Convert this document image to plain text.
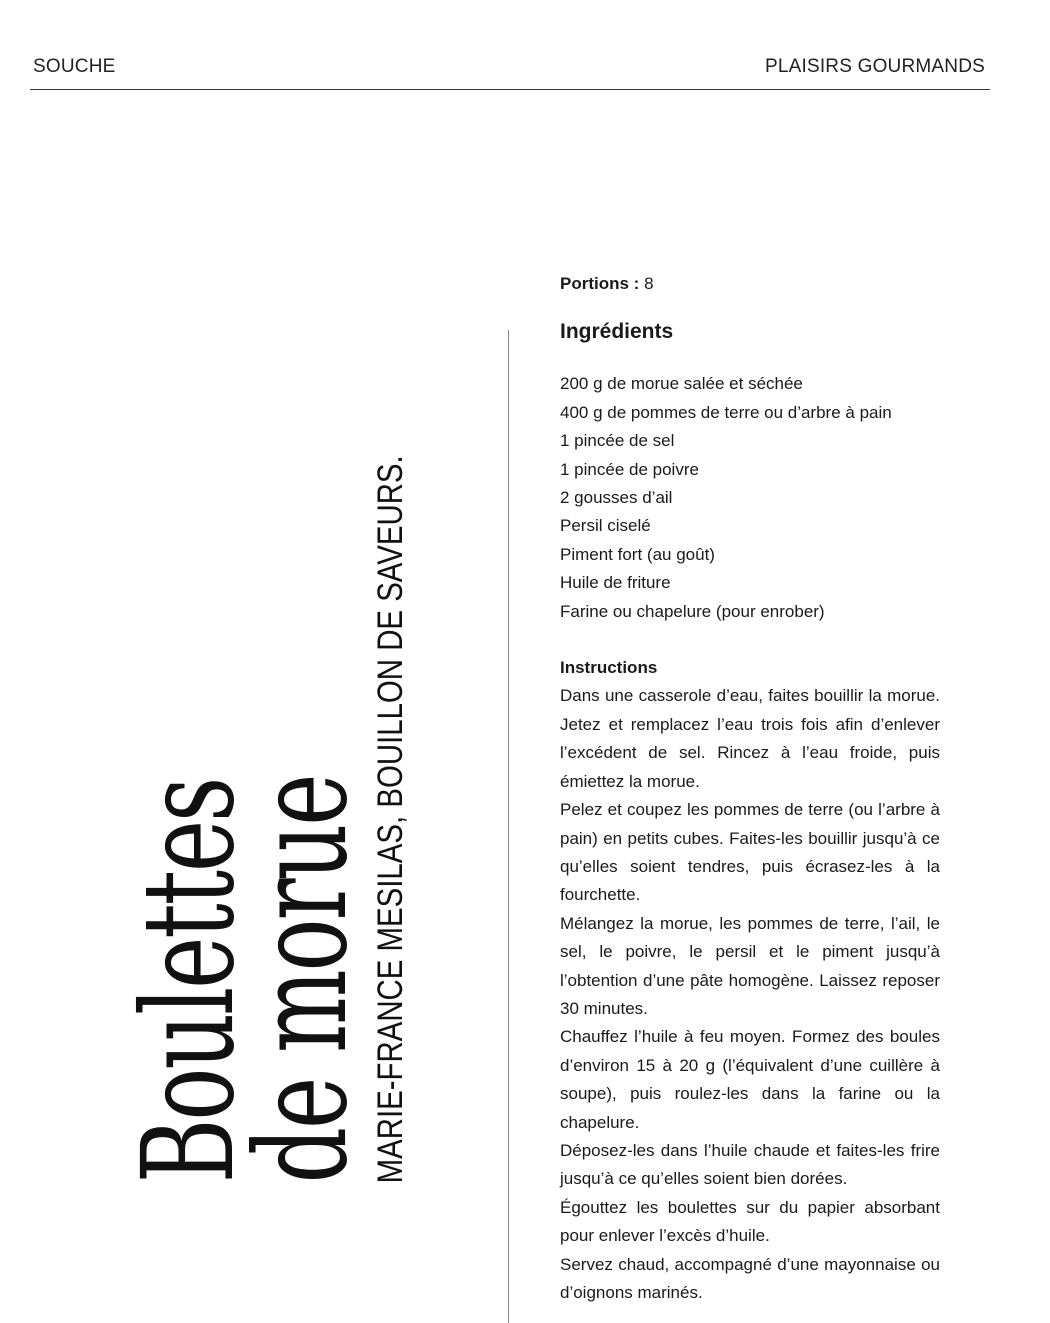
SOUCHE	PLAISIRS GOURMANDS
Boulettes
de morue
MARIE-FRANCE MESILAS, BOUILLON DE SAVEURS.

Portions : 8

Ingrédients
200 g de morue salée et séchée
400 g de pommes de terre ou d’arbre à pain
1 pincée de sel
1 pincée de poivre
2 gousses d’ail
Persil ciselé
Piment fort (au goût)
Huile de friture
Farine ou chapelure (pour enrober)
Instructions

Dans une casserole d’eau, faites bouillir la morue. Jetez et remplacez l’eau trois fois afin d’enlever l’excédent de sel. Rincez à l’eau froide, puis émiettez la morue.

Pelez et coupez les pommes de terre (ou l’arbre à pain) en petits cubes. Faites-les bouillir jusqu’à ce qu’elles soient tendres, puis écrasez-les à la fourchette.

Mélangez la morue, les pommes de terre, l’ail, le sel, le poivre, le persil et le piment jusqu’à l’obtention d’une pâte homogène. Laissez reposer 30 minutes.

Chauffez l’huile à feu moyen. Formez des boules d’environ 15 à 20 g (l’équivalent d’une cuillère à soupe), puis roulez-les dans la farine ou la chapelure.

Déposez-les dans l’huile chaude et faites-les frire jusqu’à ce qu’elles soient bien dorées.

Égouttez les boulettes sur du papier absorbant pour enlever l’excès d’huile.

Servez chaud, accompagné d’une mayonnaise ou d’oignons marinés.
